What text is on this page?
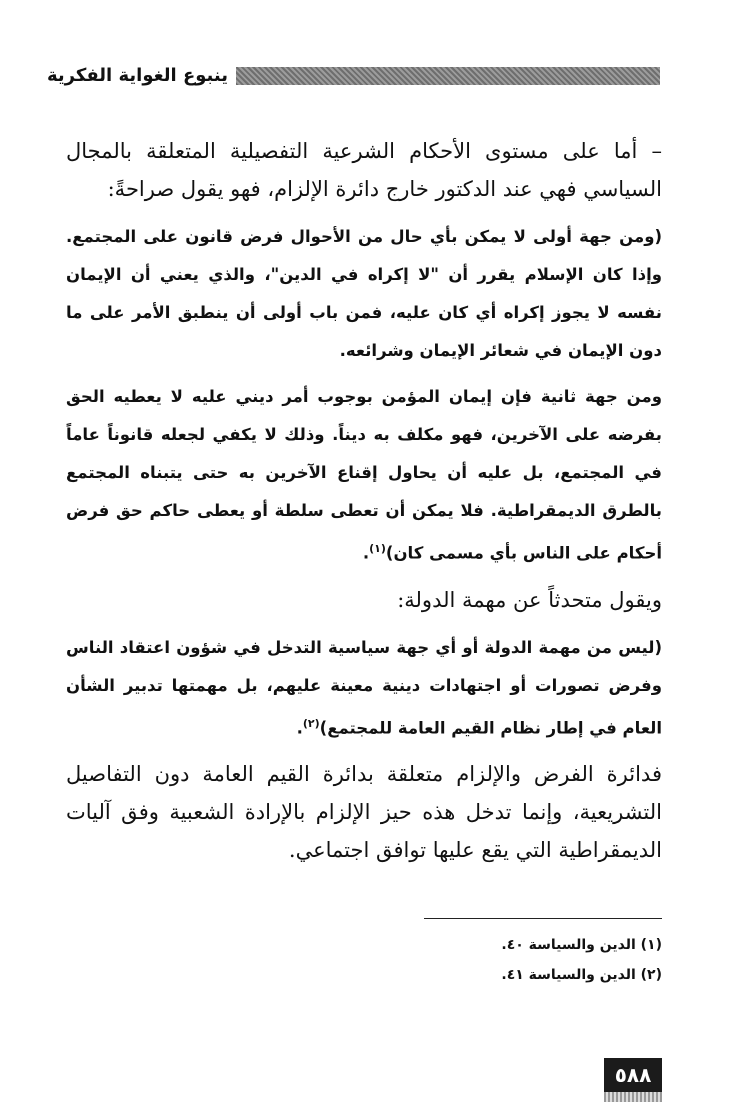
ينبوع الغواية الفكرية

– أما على مستوى الأحكام الشرعية التفصيلية المتعلقة بالمجال السياسي فهي عند الدكتور خارج دائرة الإلزام، فهو يقول صراحةً:

(ومن جهة أولى لا يمكن بأي حال من الأحوال فرض قانون على المجتمع. وإذا كان الإسلام يقرر أن "لا إكراه في الدين"، والذي يعني أن الإيمان نفسه لا يجوز إكراه أي كان عليه، فمن باب أولى أن ينطبق الأمر على ما دون الإيمان في شعائر الإيمان وشرائعه.

ومن جهة ثانية فإن إيمان المؤمن بوجوب أمر ديني عليه لا يعطيه الحق بفرضه على الآخرين، فهو مكلف به ديناً. وذلك لا يكفي لجعله قانوناً عاماً في المجتمع، بل عليه أن يحاول إقناع الآخرين به حتى يتبناه المجتمع بالطرق الديمقراطية. فلا يمكن أن تعطى سلطة أو يعطى حاكم حق فرض أحكام على الناس بأي مسمى كان)$^{(١)}$.

ويقول متحدثاً عن مهمة الدولة:

(ليس من مهمة الدولة أو أي جهة سياسية التدخل في شؤون اعتقاد الناس وفرض تصورات أو اجتهادات دينية معينة عليهم، بل مهمتها تدبير الشأن العام في إطار نظام القيم العامة للمجتمع)$^{(٢)}$.

فدائرة الفرض والإلزام متعلقة بدائرة القيم العامة دون التفاصيل التشريعية، وإنما تدخل هذه حيز الإلزام بالإرادة الشعبية وفق آليات الديمقراطية التي يقع عليها توافق اجتماعي.

(١) الدين والسياسة ٤٠.
(٢) الدين والسياسة ٤١.
٥٨٨
